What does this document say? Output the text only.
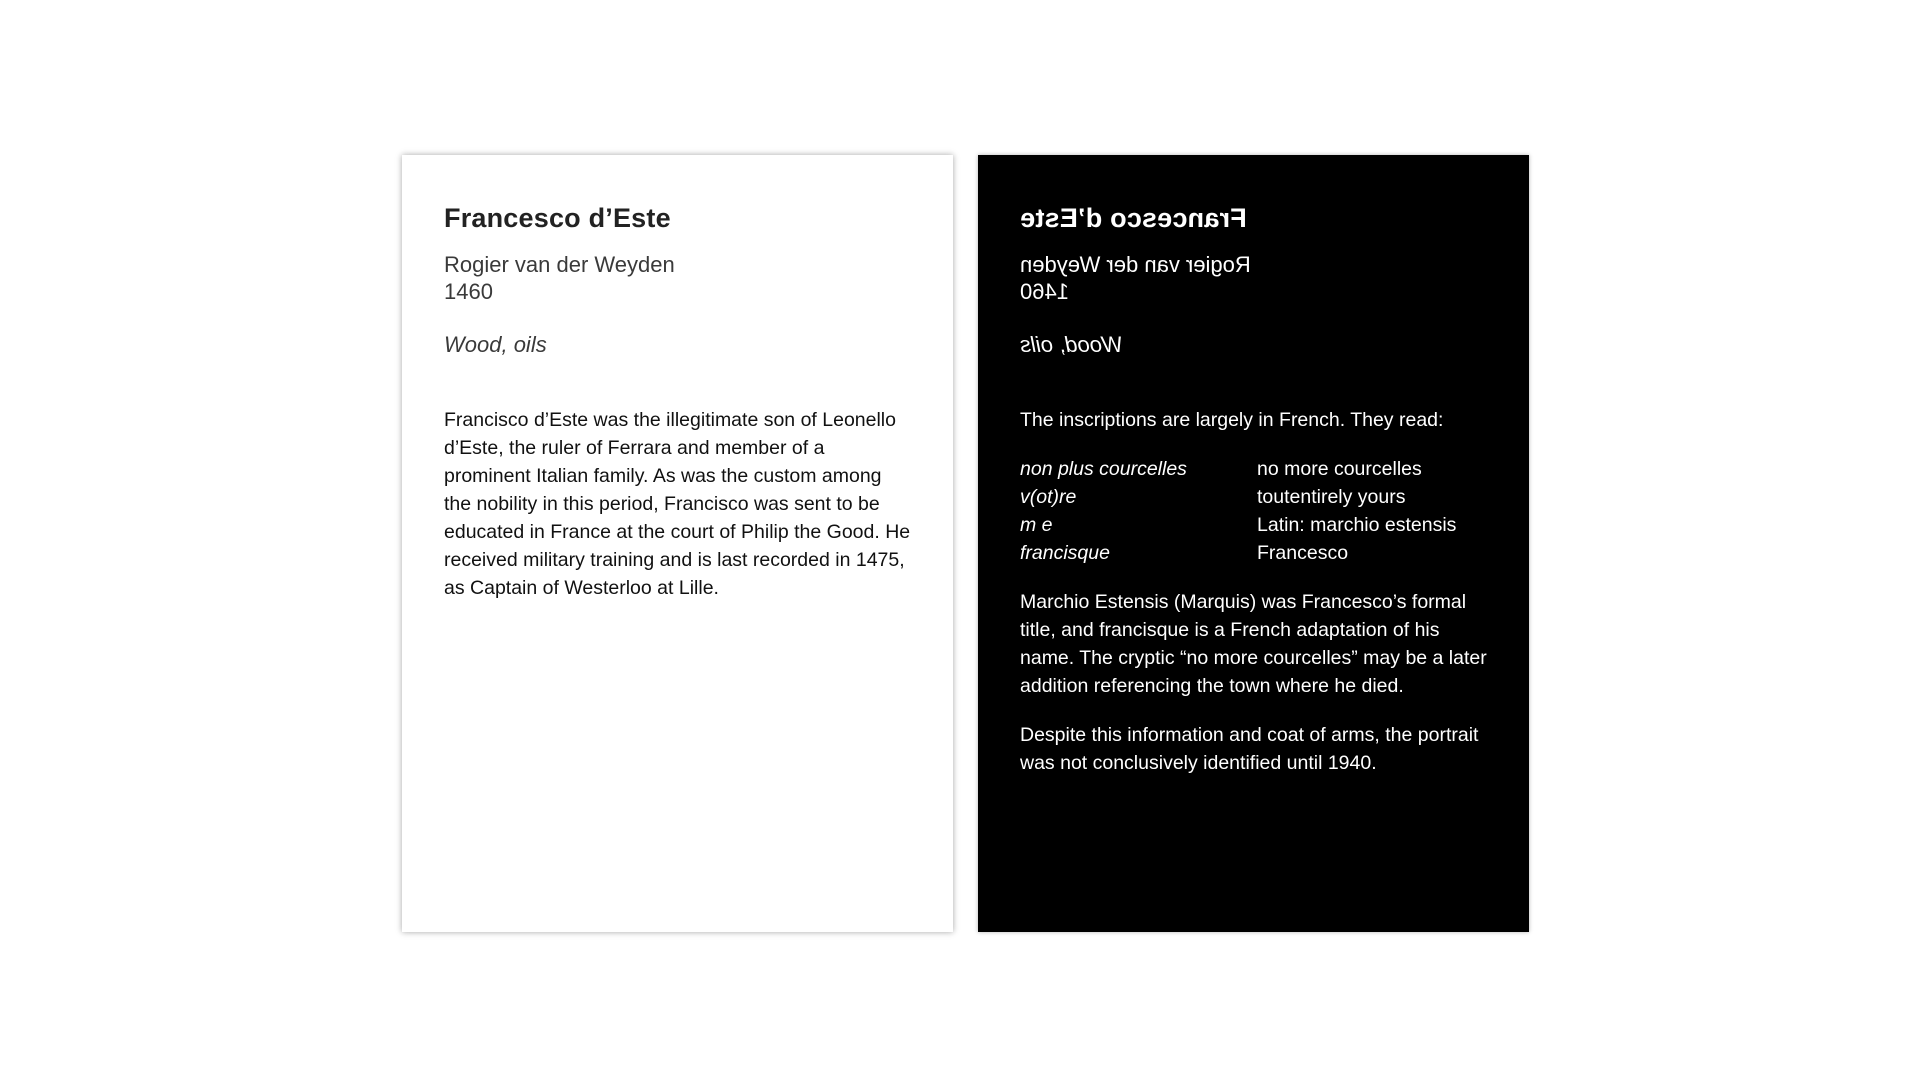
Francesco d’Este
Rogier van der Weyden
1460
Wood, oils
Francisco d’Este was the illegitimate son of Leonello d’Este, the ruler of Ferrara and member of a prominent Italian family. As was the custom among the nobility in this period, Francisco was sent to be educated in France at the court of Philip the Good. He received military training and is last recorded in 1475, as Captain of Westerloo at Lille.
Francesco d’Este
Rogier van der Weyden
1460
Wood, oils
The inscriptions are largely in French. They read:
non plus courcelles	no more courcelles
v(ot)re	toutentirely yours
m e	Latin: marchio estensis
francisque	Francesco
Marchio Estensis (Marquis) was Francesco’s formal title, and francisque is a French adaptation of his name. The cryptic “no more courcelles” may be a later addition referencing the town where he died.
Despite this information and coat of arms, the portrait was not conclusively identified until 1940.
